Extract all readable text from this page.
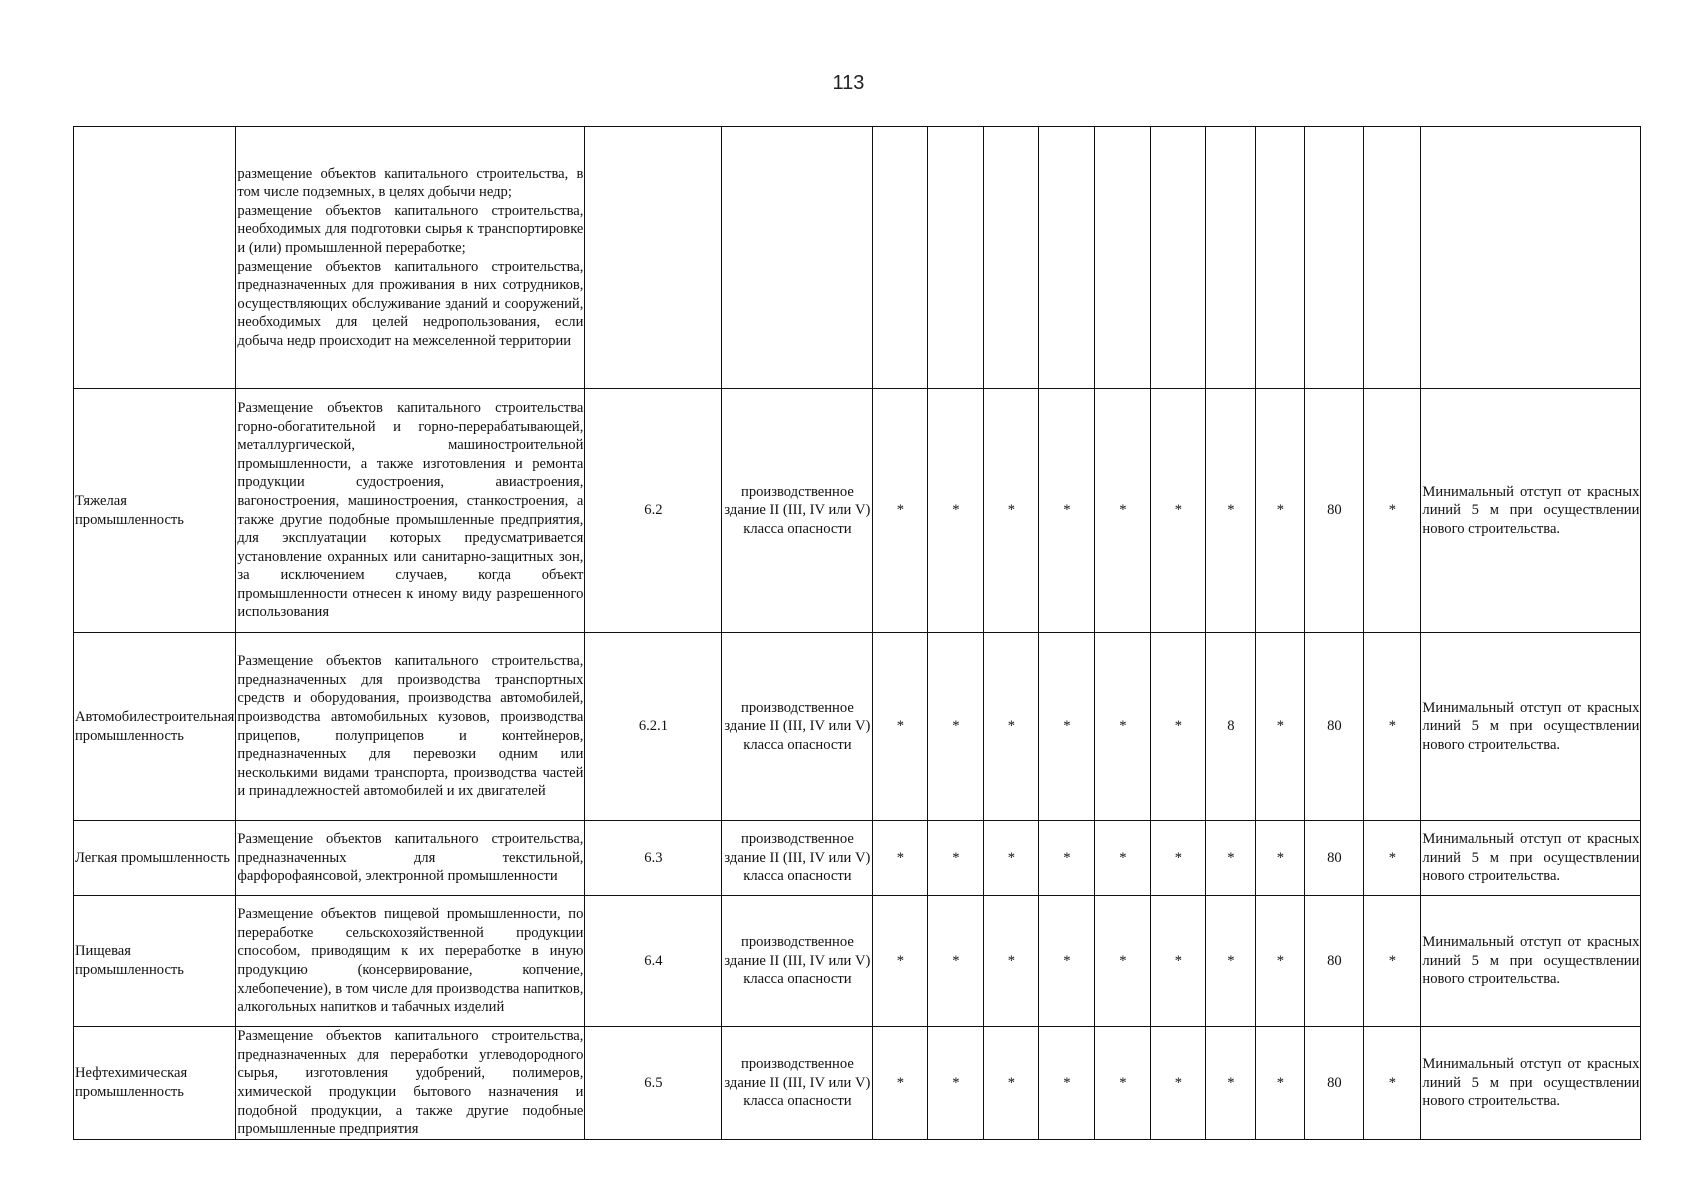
113

	размещение объектов капитального строительства, в том числе подземных, в целях добычи недр;

размещение объектов капитального строительства, необходимых для подготовки сырья к транспортировке и (или) промышленной переработке;

размещение объектов капитального строительства, предназначенных для проживания в них сотрудников, осуществляющих обслуживание зданий и сооружений, необходимых для целей недропользования, если добыча недр происходит на межселенной территории													

Тяжелая промышленность	Размещение объектов капитального строительства горно-обогатительной и горно-перерабатывающей, металлургической, машиностроительной промышленности, а также изготовления и ремонта продукции судостроения, авиастроения, вагоностроения, машиностроения, станкостроения, а также другие подобные промышленные предприятия, для эксплуатации которых предусматривается установление охранных или санитарно-защитных зон, за исключением случаев, когда объект промышленности отнесен к иному виду разрешенного использования	6.2	производственное здание II (III, IV или V) класса опасности	*	*	*	*	*	*	*	*	80	*	Минимальный отступ от красных линий 5 м при осуществлении нового строительства.

Автомобилестроительная промышленность	Размещение объектов капитального строительства, предназначенных для производства транспортных средств и оборудования, производства автомобилей, производства автомобильных кузовов, производства прицепов, полуприцепов и контейнеров, предназначенных для перевозки одним или несколькими видами транспорта, производства частей и принадлежностей автомобилей и их двигателей	6.2.1	производственное здание II (III, IV или V) класса опасности	*	*	*	*	*	*	8	*	80	*	Минимальный отступ от красных линий 5 м при осуществлении нового строительства.

Легкая промышленность	Размещение объектов капитального строительства, предназначенных для текстильной, фарфорофаянсовой, электронной промышленности	6.3	производственное здание II (III, IV или V) класса опасности	*	*	*	*	*	*	*	*	80	*	Минимальный отступ от красных линий 5 м при осуществлении нового строительства.

Пищевая промышленность	Размещение объектов пищевой промышленности, по переработке сельскохозяйственной продукции способом, приводящим к их переработке в иную продукцию (консервирование, копчение, хлебопечение), в том числе для производства напитков, алкогольных напитков и табачных изделий	6.4	производственное здание II (III, IV или V) класса опасности	*	*	*	*	*	*	*	*	80	*	Минимальный отступ от красных линий 5 м при осуществлении нового строительства.

Нефтехимическая промышленность	Размещение объектов капитального строительства, предназначенных для переработки углеводородного сырья, изготовления удобрений, полимеров, химической продукции бытового назначения и подобной продукции, а также другие подобные промышленные предприятия	6.5	производственное здание II (III, IV или V) класса опасности	*	*	*	*	*	*	*	*	80	*	Минимальный отступ от красных линий 5 м при осуществлении нового строительства.
